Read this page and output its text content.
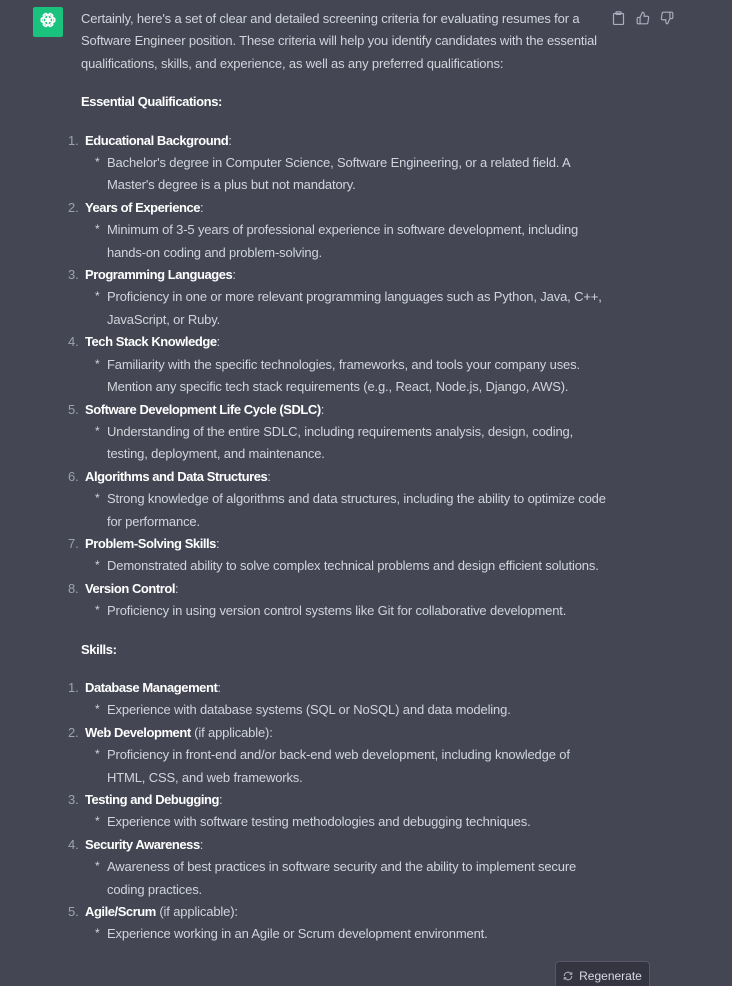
Certainly, here's a set of clear and detailed screening criteria for evaluating resumes for a Software Engineer position. These criteria will help you identify candidates with the essential qualifications, skills, and experience, as well as any preferred qualifications:

Essential Qualifications:

1. Educational Background:
* Bachelor's degree in Computer Science, Software Engineering, or a related field. A Master's degree is a plus but not mandatory.
2. Years of Experience:
* Minimum of 3-5 years of professional experience in software development, including hands-on coding and problem-solving.
3. Programming Languages:
* Proficiency in one or more relevant programming languages such as Python, Java, C++, JavaScript, or Ruby.
4. Tech Stack Knowledge:
* Familiarity with the specific technologies, frameworks, and tools your company uses. Mention any specific tech stack requirements (e.g., React, Node.js, Django, AWS).
5. Software Development Life Cycle (SDLC):
* Understanding of the entire SDLC, including requirements analysis, design, coding, testing, deployment, and maintenance.
6. Algorithms and Data Structures:
* Strong knowledge of algorithms and data structures, including the ability to optimize code for performance.
7. Problem-Solving Skills:
* Demonstrated ability to solve complex technical problems and design efficient solutions.
8. Version Control:
* Proficiency in using version control systems like Git for collaborative development.

Skills:

1. Database Management:
* Experience with database systems (SQL or NoSQL) and data modeling.
2. Web Development (if applicable):
* Proficiency in front-end and/or back-end web development, including knowledge of HTML, CSS, and web frameworks.
3. Testing and Debugging:
* Experience with software testing methodologies and debugging techniques.
4. Security Awareness:
* Awareness of best practices in software security and the ability to implement secure coding practices.
5. Agile/Scrum (if applicable):
* Experience working in an Agile or Scrum development environment.
Regenerate
